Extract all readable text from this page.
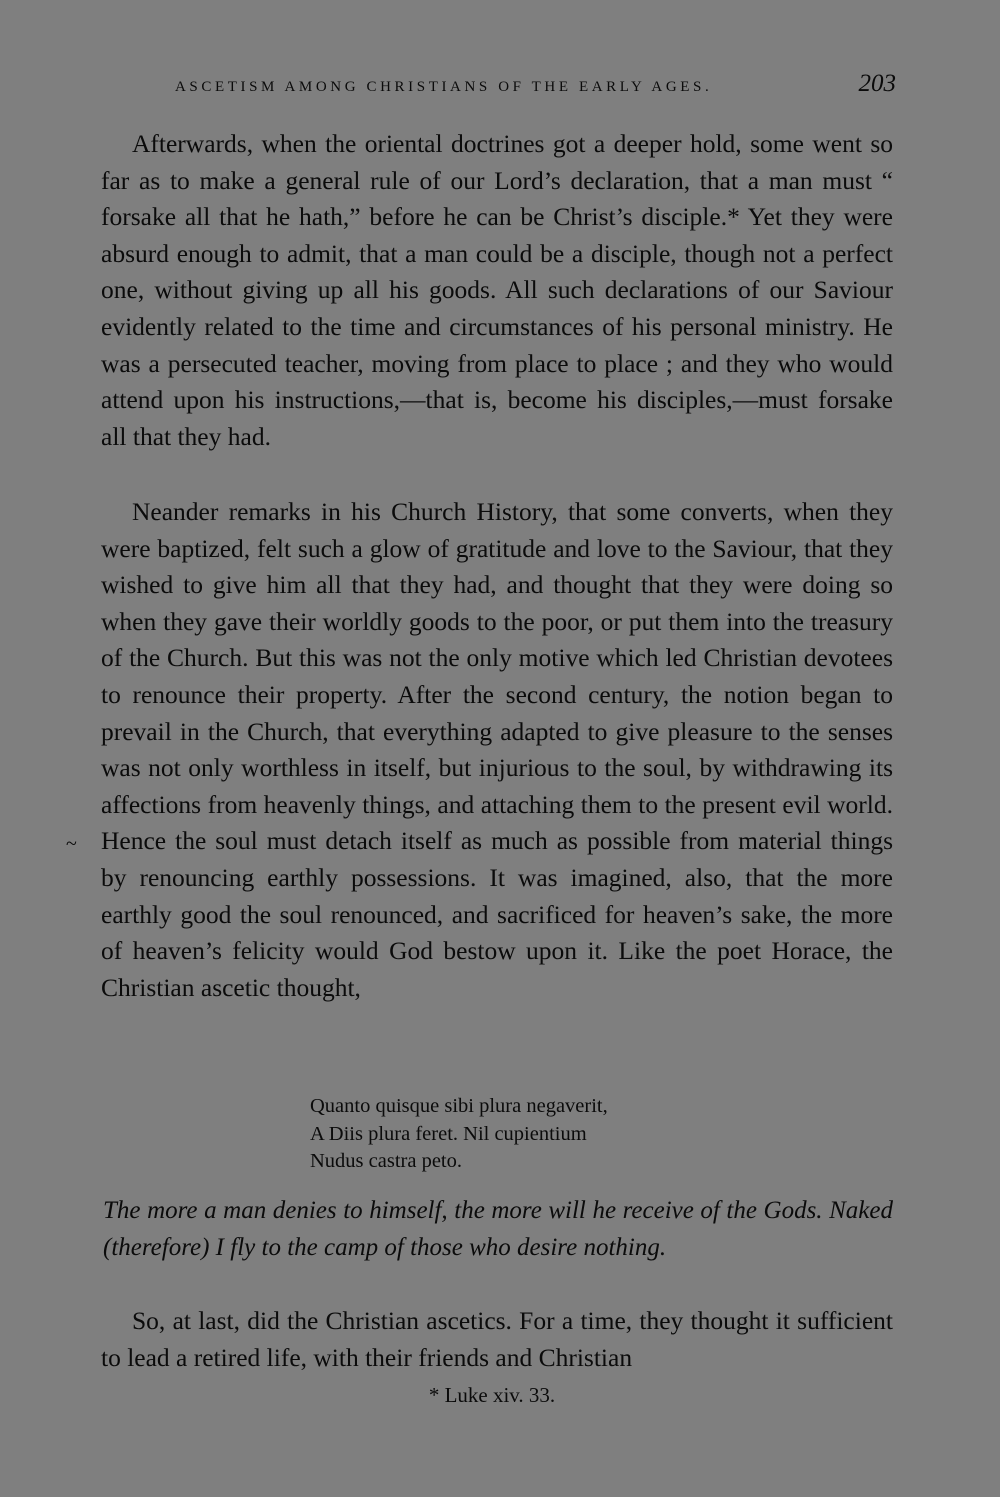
ASCETISM AMONG CHRISTIANS OF THE EARLY AGES.	203

Afterwards, when the oriental doctrines got a deeper hold, some went so far as to make a general rule of our Lord’s declaration, that a man must “ forsake all that he hath,” before he can be Christ’s disciple.* Yet they were absurd enough to admit, that a man could be a disciple, though not a perfect one, without giving up all his goods. All such declarations of our Saviour evidently related to the time and circumstances of his personal ministry. He was a persecuted teacher, moving from place to place ; and they who would attend upon his instructions,—that is, become his disciples,—must forsake all that they had.

Neander remarks in his Church History, that some converts, when they were baptized, felt such a glow of gratitude and love to the Saviour, that they wished to give him all that they had, and thought that they were doing so when they gave their worldly goods to the poor, or put them into the treasury of the Church. But this was not the only motive which led Christian devotees to renounce their property. After the second century, the notion began to prevail in the Church, that everything adapted to give pleasure to the senses was not only worthless in itself, but injurious to the soul, by withdrawing its affections from heavenly things, and attaching them to the present evil world. Hence the soul must detach itself as much as possible from material things by renouncing earthly possessions. It was imagined, also, that the more earthly good the soul renounced, and sacrificed for heaven’s sake, the more of heaven’s felicity would God bestow upon it. Like the poet Horace, the Christian ascetic thought,

~
Quanto quisque sibi plura negaverit,
A Diis plura feret. Nil cupientium
Nudus castra peto.

The more a man denies to himself, the more will he receive of the Gods. Naked (therefore) I fly to the camp of those who desire nothing.

So, at last, did the Christian ascetics. For a time, they thought it sufficient to lead a retired life, with their friends and Christian

* Luke xiv. 33.
